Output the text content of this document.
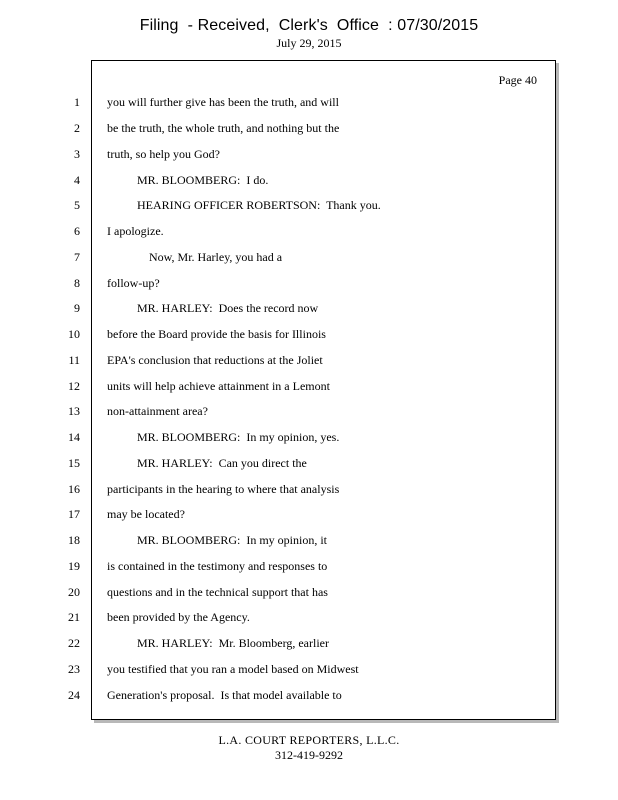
Filing  - Received,  Clerk's  Office  : 07/30/2015
July 29, 2015
Page 40
1 you will further give has been the truth, and will
2 be the truth, the whole truth, and nothing but the
3 truth, so help you God?
4 MR. BLOOMBERG:  I do.
5 HEARING OFFICER ROBERTSON:  Thank you.
6 I apologize.
7 Now, Mr. Harley, you had a
8 follow-up?
9 MR. HARLEY:  Does the record now
10 before the Board provide the basis for Illinois
11 EPA's conclusion that reductions at the Joliet
12 units will help achieve attainment in a Lemont
13 non-attainment area?
14 MR. BLOOMBERG:  In my opinion, yes.
15 MR. HARLEY:  Can you direct the
16 participants in the hearing to where that analysis
17 may be located?
18 MR. BLOOMBERG:  In my opinion, it
19 is contained in the testimony and responses to
20 questions and in the technical support that has
21 been provided by the Agency.
22 MR. HARLEY:  Mr. Bloomberg, earlier
23 you testified that you ran a model based on Midwest
24 Generation's proposal.  Is that model available to
L.A. COURT REPORTERS, L.L.C.
312-419-9292
